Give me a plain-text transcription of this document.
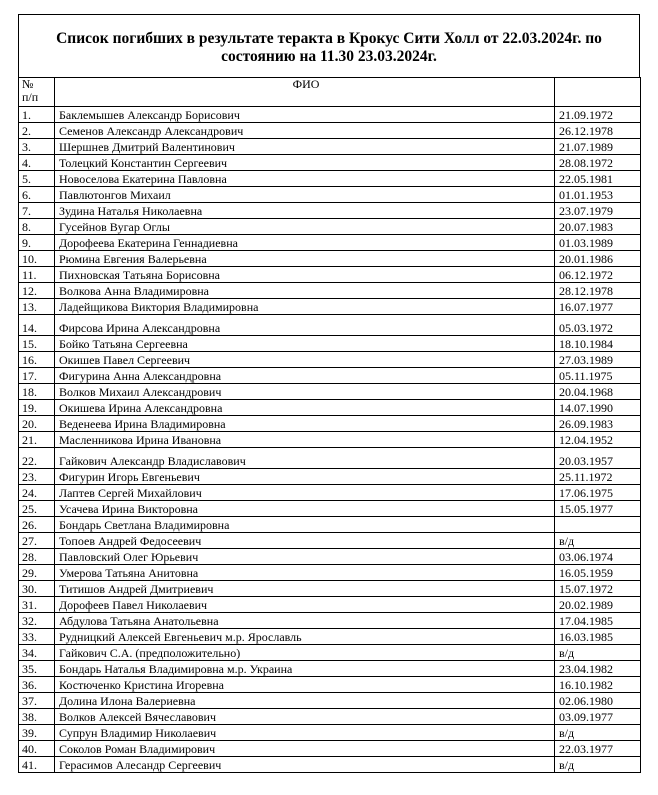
Список погибших в результате теракта в Крокус Сити Холл от 22.03.2024г. по состоянию на 11.30 23.03.2024г.
№
п/п	ФИО	
1.	Баклемышев Александр Борисович	21.09.1972
2.	Семенов Александр Александрович	26.12.1978
3.	Шершнев Дмитрий Валентинович	21.07.1989
4.	Толецкий Константин Сергеевич	28.08.1972
5.	Новоселова Екатерина Павловна	22.05.1981
6.	Павлютонгов Михаил	01.01.1953
7.	Зудина Наталья Николаевна	23.07.1979
8.	Гусейнов Вугар Оглы	20.07.1983
9.	Дорофеева Екатерина Геннадиевна	01.03.1989
10.	Рюмина Евгения Валерьевна	20.01.1986
11.	Пихновская Татьяна Борисовна	06.12.1972
12.	Волкова Анна Владимировна	28.12.1978
13.	Ладейщикова Виктория Владимировна	16.07.1977
14.	Фирсова Ирина Александровна	05.03.1972
15.	Бойко Татьяна Сергеевна	18.10.1984
16.	Окишев Павел Сергеевич	27.03.1989
17.	Фигурина Анна Александровна	05.11.1975
18.	Волков Михаил Александрович	20.04.1968
19.	Окишева Ирина Александровна	14.07.1990
20.	Веденеева Ирина Владимировна	26.09.1983
21.	Масленникова Ирина Ивановна	12.04.1952
22.	Гайкович Александр Владиславович	20.03.1957
23.	Фигурин Игорь Евгеньевич	25.11.1972
24.	Лаптев Сергей Михайлович	17.06.1975
25.	Усачева Ирина Викторовна	15.05.1977
26.	Бондарь Светлана Владимировна	
27.	Топоев Андрей Федосеевич	в/д
28.	Павловский Олег Юрьевич	03.06.1974
29.	Умерова Татьяна Анитовна	16.05.1959
30.	Титишов Андрей Дмитриевич	15.07.1972
31.	Дорофеев Павел Николаевич	20.02.1989
32.	Абдулова Татьяна Анатольевна	17.04.1985
33.	Рудницкий Алексей Евгеньевич м.р. Ярославль	16.03.1985
34.	Гайкович С.А. (предположительно)	в/д
35.	Бондарь Наталья Владимировна м.р. Украина	23.04.1982
36.	Костюченко Кристина Игоревна	16.10.1982
37.	Долина Илона Валериевна	02.06.1980
38.	Волков Алексей Вячеславович	03.09.1977
39.	Супрун Владимир Николаевич	в/д
40.	Соколов Роман Владимирович	22.03.1977
41.	Герасимов Алесандр Сергеевич	в/д
